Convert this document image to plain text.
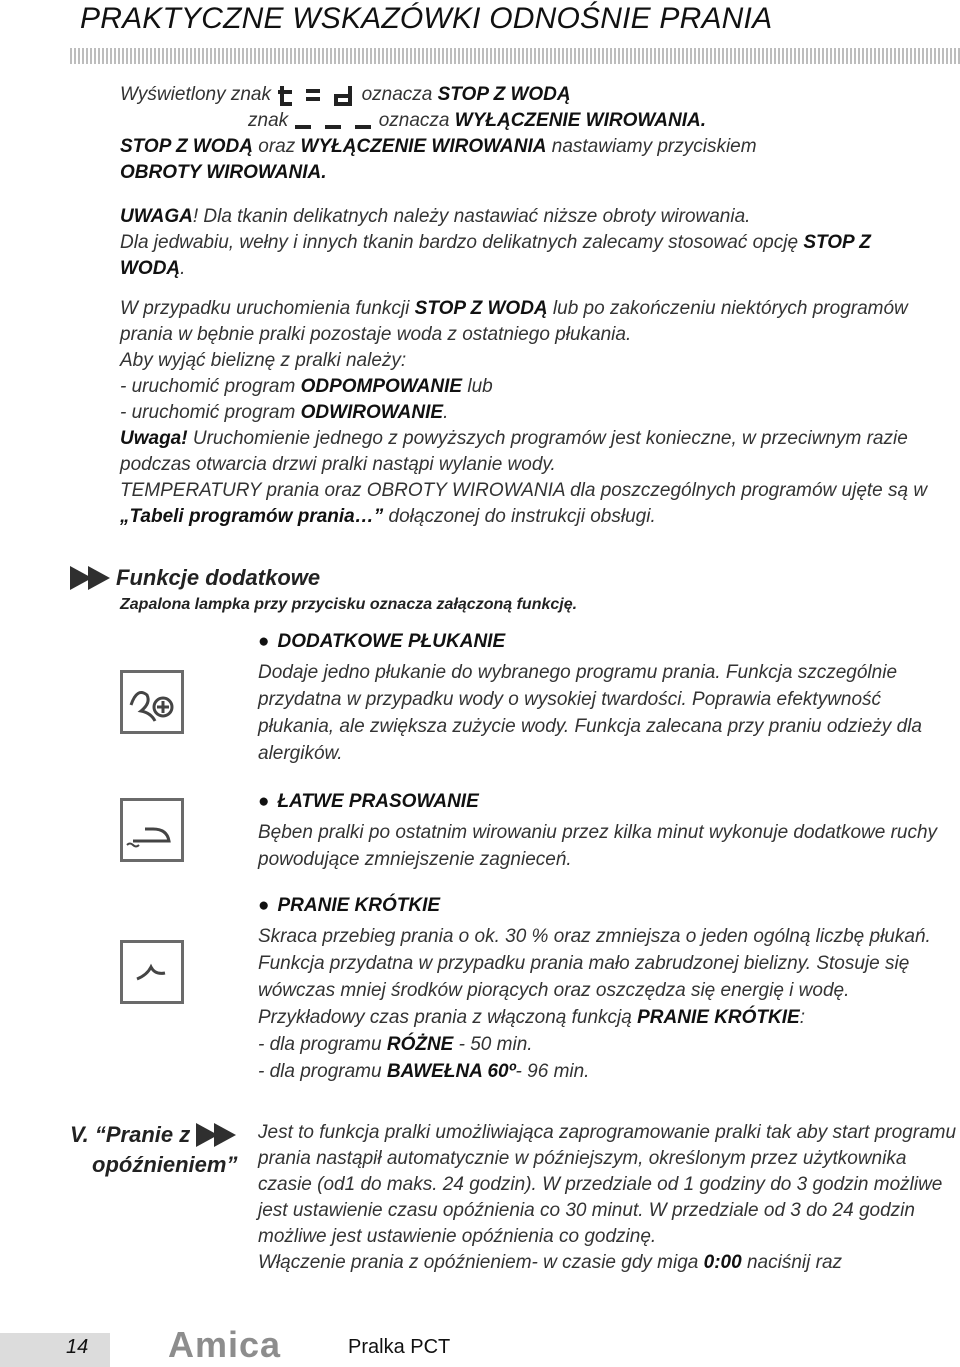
PRAKTYCZNE WSKAZÓWKI ODNOŚNIE PRANIA

Wyświetlony znak	oznacza STOP Z WODĄ

znak	oznacza WYŁĄCZENIE WIROWANIA.

STOP Z WODĄ oraz WYŁĄCZENIE WIROWANIA nastawiamy przyciskiem

OBROTY WIROWANIA.

UWAGA! Dla tkanin delikatnych należy nastawiać niższe obroty wirowania.

Dla jedwabiu, wełny i innych tkanin bardzo delikatnych zalecamy stosować opcję STOP Z WODĄ.

W przypadku uruchomienia funkcji STOP Z WODĄ lub po zakończeniu niektórych programów prania w bębnie pralki pozostaje woda z ostatniego płukania.

Aby wyjąć bieliznę z pralki należy:

- uruchomić program ODPOMPOWANIE lub

- uruchomić program ODWIROWANIE.

Uwaga! Uruchomienie jednego z powyższych programów jest konieczne, w przeciwnym razie podczas otwarcia drzwi pralki nastąpi wylanie wody.

TEMPERATURY prania oraz OBROTY WIROWANIA dla poszczególnych programów ujęte są w „Tabeli programów prania…” dołączonej do instrukcji obsługi.

Funkcje dodatkowe
Zapalona lampka przy przycisku oznacza załączoną funkcję.

● DODATKOWE PŁUKANIE

Dodaje jedno płukanie do wybranego programu prania. Funkcja szczególnie przydatna w przypadku wody o wysokiej twardości. Poprawia efektywność płukania, ale zwiększa zużycie wody. Funkcja zalecana przy praniu odzieży dla alergików.

● ŁATWE PRASOWANIE

Bęben pralki po ostatnim wirowaniu przez kilka minut wykonuje dodatkowe ruchy powodujące zmniejszenie zagnieceń.

● PRANIE KRÓTKIE

Skraca przebieg prania o ok. 30 % oraz zmniejsza o jeden ogólną liczbę płukań. Funkcja przydatna w przypadku prania mało zabrudzonej bielizny. Stosuje się wówczas mniej środków piorących oraz oszczędza się energię i wodę. Przykładowy czas prania z włączoną funkcją PRANIE KRÓTKIE:

- dla programu RÓŻNE - 50 min.

- dla programu BAWEŁNA 60º- 96 min.

V. “Pranie z
opóźnieniem”

Jest to funkcja pralki umożliwiająca zaprogramowanie pralki tak aby start programu prania nastąpił automatycznie w późniejszym, określonym przez użytkownika czasie (od1 do maks. 24 godzin). W przedziale od 1 godziny do 3 godzin możliwe jest ustawienie czasu opóźnienia co 30 minut. W przedziale od 3 do 24 godzin możliwe jest ustawienie opóźnienia co godzinę.

Włączenie prania z opóźnieniem- w czasie gdy miga 0:00 naciśnij raz

14 Amica	Pralka PCT
